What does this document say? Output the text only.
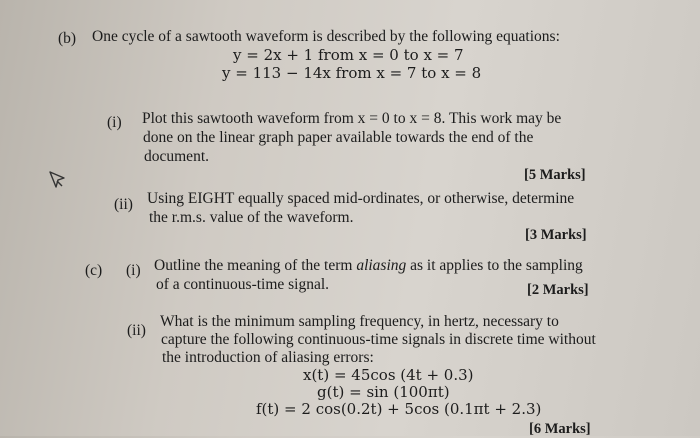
(b) One cycle of a sawtooth waveform is described by the following equations:
y = 2x + 1 from x = 0 to x = 7
y = 113 − 14x from x = 7 to x = 8
(i) Plot this sawtooth waveform from x = 0 to x = 8. This work may be
done on the linear graph paper available towards the end of the
document.
[5 Marks]
(ii) Using EIGHT equally spaced mid-ordinates, or otherwise, determine
the r.m.s. value of the waveform.
[3 Marks]
(c) (i) Outline the meaning of the term aliasing as it applies to the sampling
of a continuous-time signal.	[2 Marks]
(ii)
What is the minimum sampling frequency, in hertz, necessary to
capture the following continuous-time signals in discrete time without
the introduction of aliasing errors:
x(t) = 45cos (4t + 0.3)
g(t) = sin (100πt)
f(t) = 2 cos(0.2t) + 5cos (0.1πt + 2.3)
[6 Marks]
